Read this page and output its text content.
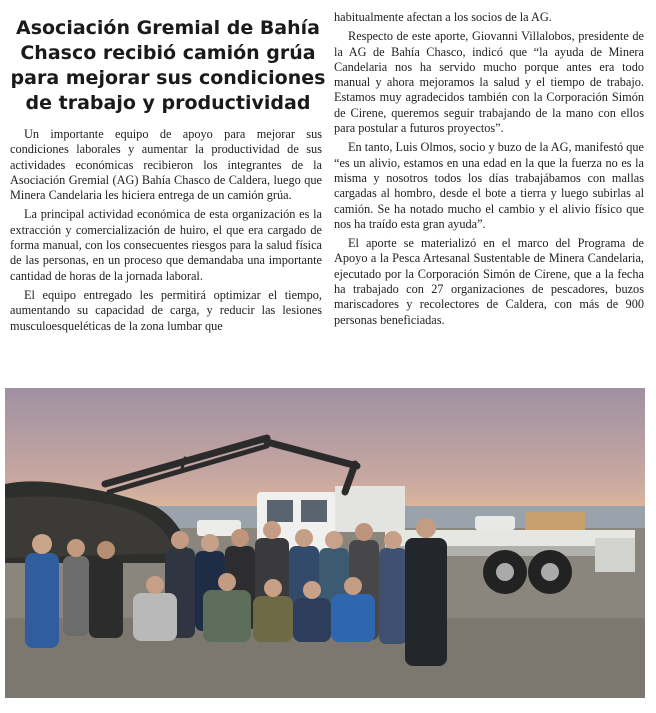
Asociación Gremial de Bahía Chasco recibió camión grúa para mejorar sus condiciones de trabajo y productividad

Un importante equipo de apoyo para mejorar sus condiciones laborales y aumentar la productividad de sus actividades económicas recibieron los integrantes de la Asociación Gremial (AG) Bahía Chasco de Caldera, luego que Minera Candelaria les hiciera entrega de un camión grúa.

La principal actividad económica de esta organización es la extracción y comercialización de huiro, el que era cargado de forma manual, con los consecuentes riesgos para la salud física de las personas, en un proceso que demandaba una importante cantidad de horas de la jornada laboral.

El equipo entregado les permitirá optimizar el tiempo, aumentando su capacidad de carga, y reducir las lesiones musculoesqueléticas de la zona lumbar que

habitualmente afectan a los socios de la AG.

Respecto de este aporte, Giovanni Villalobos, presidente de la AG de Bahía Chasco, indicó que “la ayuda de Minera Candelaria nos ha servido mucho porque antes era todo manual y ahora mejoramos la salud y el tiempo de trabajo. Estamos muy agradecidos también con la Corporación Simón de Cirene, queremos seguir trabajando de la mano con ellos para postular a futuros proyectos”.

En tanto, Luis Olmos, socio y buzo de la AG, manifestó que “es un alivio, estamos en una edad en la que la fuerza no es la misma y nosotros todos los días trabajábamos con mallas cargadas al hombro, desde el bote a tierra y luego subirlas al camión. Se ha notado mucho el cambio y el alivio físico que nos ha traído esta gran ayuda”.

El aporte se materializó en el marco del Programa de Apoyo a la Pesca Artesanal Sustentable de Minera Candelaria, ejecutado por la Corporación Simón de Cirene, que a la fecha ha trabajado con 27 organizaciones de pescadores, buzos mariscadores y recolectores de Caldera, con más de 900 personas beneficiadas.
